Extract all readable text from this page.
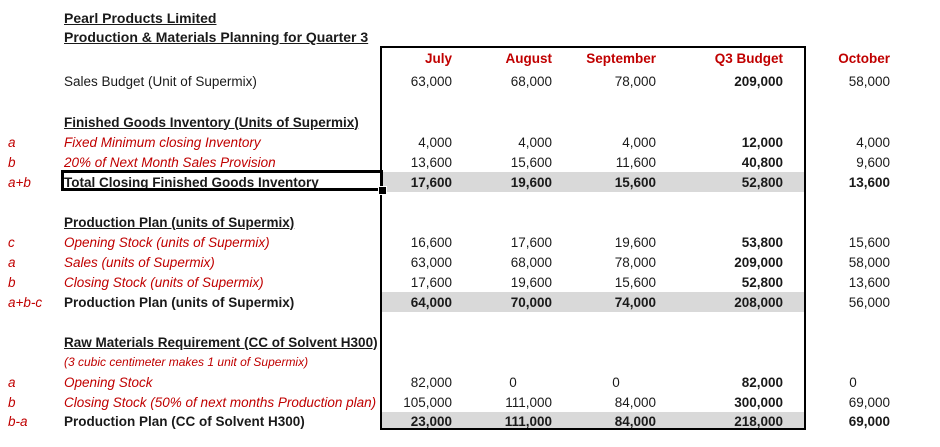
Pearl Products Limited
Production & Materials Planning for Quarter 3
July	August	September	Q3 Budget	October
Sales Budget (Unit of Supermix)	63,000	68,000	78,000	209,000	58,000
Finished Goods Inventory (Units of Supermix)
a	Fixed Minimum closing Inventory	4,000	4,000	4,000	12,000	4,000
b	20% of Next Month Sales Provision	13,600	15,600	11,600	40,800	9,600
a+b	Total Closing Finished Goods Inventory	17,600	19,600	15,600	52,800	13,600
Production Plan (units of Supermix)
c	Opening Stock (units of Supermix)	16,600	17,600	19,600	53,800	15,600
a	Sales (units of Supermix)	63,000	68,000	78,000	209,000	58,000
b	Closing Stock (units of Supermix)	17,600	19,600	15,600	52,800	13,600
a+b-c	Production Plan (units of Supermix)	64,000	70,000	74,000	208,000	56,000
Raw Materials Requirement (CC of Solvent H300)
(3 cubic centimeter makes 1 unit of Supermix)
a	Opening Stock	82,000	0	0	82,000	0
b	Closing Stock (50% of next months Production plan)	105,000	111,000	84,000	300,000	69,000
b-a	Production Plan (CC of Solvent H300)	23,000	111,000	84,000	218,000	69,000
